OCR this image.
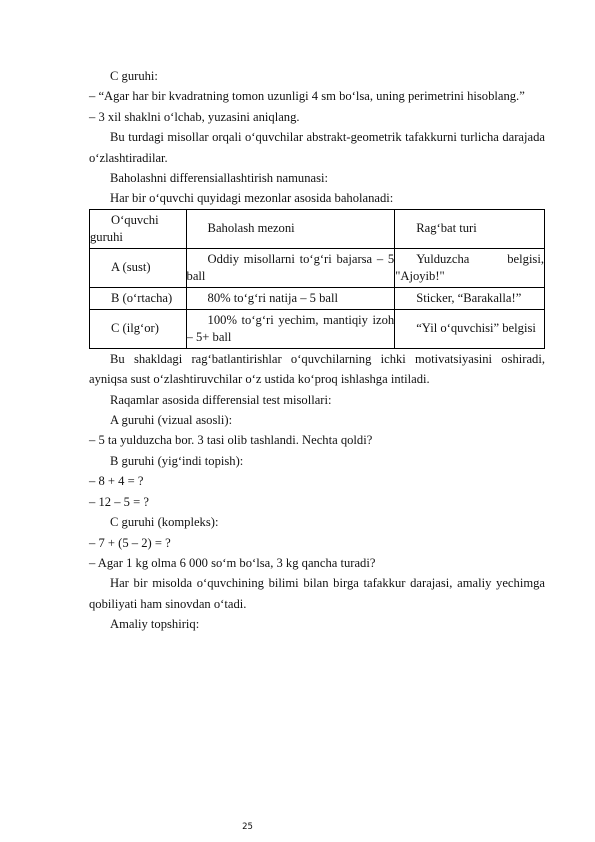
C guruhi:
– “Agar har bir kvadratning tomon uzunligi 4 sm bo‘lsa, uning perimetrini hisoblang.”
– 3 xil shaklni o‘lchab, yuzasini aniqlang.
Bu turdagi misollar orqali o‘quvchilar abstrakt-geometrik tafakkurni turlicha darajada o‘zlashtiradilar.
Baholashni differensiallashtirish namunasi:
Har bir o‘quvchi quyidagi mezonlar asosida baholanadi:
O‘quvchi guruhi	Baholash mezoni	Rag‘bat turi

A (sust)	Oddiy misollarni to‘g‘ri bajarsa – 5 ball	Yulduzcha belgisi, "Ajoyib!"

B (o‘rtacha)	80% to‘g‘ri natija – 5 ball	Sticker, “Barakalla!”

C (ilg‘or)	100% to‘g‘ri yechim, mantiqiy izoh – 5+ ball	“Yil o‘quvchisi” belgisi
Bu shakldagi rag‘batlantirishlar o‘quvchilarning ichki motivatsiyasini oshiradi, ayniqsa sust o‘zlashtiruvchilar o‘z ustida ko‘proq ishlashga intiladi.
Raqamlar asosida differensial test misollari:
A guruhi (vizual asosli):
– 5 ta yulduzcha bor. 3 tasi olib tashlandi. Nechta qoldi?
B guruhi (yig‘indi topish):
– 8 + 4 = ?
– 12 – 5 = ?
C guruhi (kompleks):
– 7 + (5 – 2) = ?
– Agar 1 kg olma 6 000 so‘m bo‘lsa, 3 kg qancha turadi?
Har bir misolda o‘quvchining bilimi bilan birga tafakkur darajasi, amaliy yechimga qobiliyati ham sinovdan o‘tadi.
Amaliy topshiriq:
25
